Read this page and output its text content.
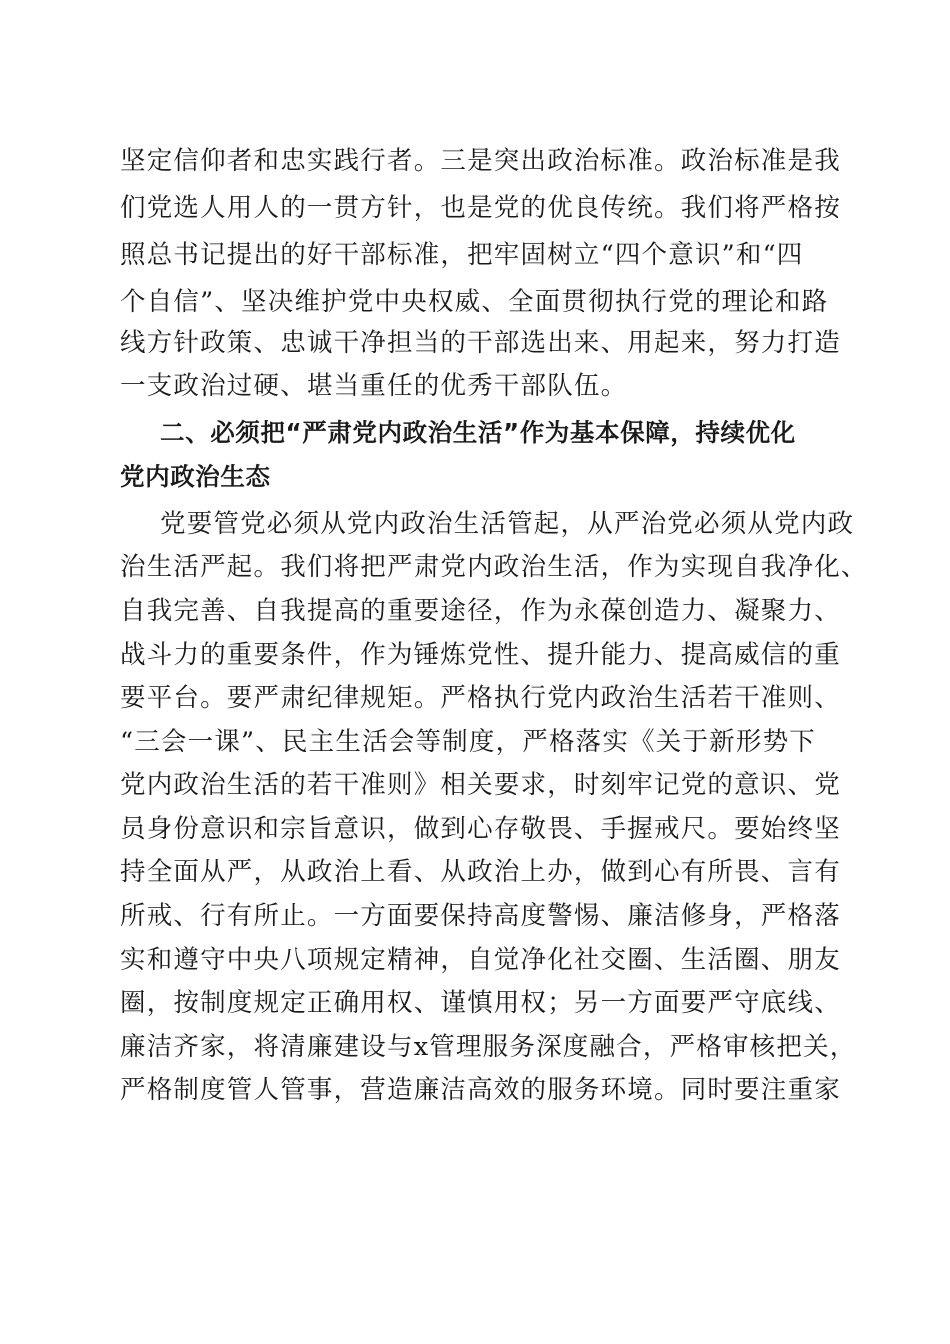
坚定信仰者和忠实践行者。三是突出政治标准。政治标准是我
们党选人用人的一贯方针，也是党的优良传统。我们将严格按
照总书记提出的好干部标准，把牢固树立“四个意识”和“四
个自信”、坚决维护党中央权威、全面贯彻执行党的理论和路
线方针政策、忠诚干净担当的干部选出来、用起来，努力打造
一支政治过硬、堪当重任的优秀干部队伍。
二、必须把“严肃党内政治生活”作为基本保障，持续优化
党内政治生态
党要管党必须从党内政治生活管起，从严治党必须从党内政
治生活严起。我们将把严肃党内政治生活，作为实现自我净化、
自我完善、自我提高的重要途径，作为永葆创造力、凝聚力、
战斗力的重要条件，作为锤炼党性、提升能力、提高威信的重
要平台。要严肃纪律规矩。严格执行党内政治生活若干准则、
“三会一课”、民主生活会等制度，严格落实《关于新形势下
党内政治生活的若干准则》相关要求，时刻牢记党的意识、党
员身份意识和宗旨意识，做到心存敬畏、手握戒尺。要始终坚
持全面从严，从政治上看、从政治上办，做到心有所畏、言有
所戒、行有所止。一方面要保持高度警惕、廉洁修身，严格落
实和遵守中央八项规定精神，自觉净化社交圈、生活圈、朋友
圈，按制度规定正确用权、谨慎用权；另一方面要严守底线、
廉洁齐家，将清廉建设与x管理服务深度融合，严格审核把关，
严格制度管人管事，营造廉洁高效的服务环境。同时要注重家
